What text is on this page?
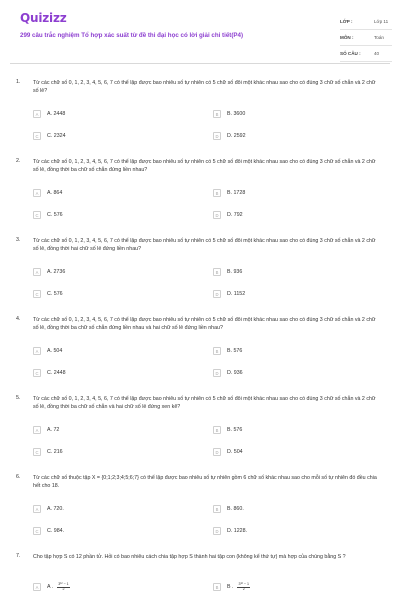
Quizizz
299 câu trắc nghiệm Tổ hợp xác suất từ đề thi đại học có lời giải chi tiết(P4)
LỚP :	Lớp 11
MÔN :	Toán
SỐ CÂU :	40
1. Từ các chữ số 0, 1, 2, 3, 4, 5, 6, 7 có thể lập được bao nhiêu số tự nhiên có 5 chữ số đôi một khác nhau sao cho có đúng 3 chữ số chẵn và 2 chữ số lẻ?
A	A. 2448	B	B. 3600
C	C. 2324	D	D. 2592
2. Từ các chữ số 0, 1, 2, 3, 4, 5, 6, 7 có thể lập được bao nhiêu số tự nhiên có 5 chữ số đôi một khác nhau sao cho có đúng 3 chữ số chẵn và 2 chữ số lẻ, đồng thời ba chữ số chẵn đứng liền nhau?
A	A. 864	B	B. 1728
C	C. 576	D	D. 792
3. Từ các chữ số 0, 1, 2, 3, 4, 5, 6, 7 có thể lập được bao nhiêu số tự nhiên có 5 chữ số đôi một khác nhau sao cho có đúng 3 chữ số chẵn và 2 chữ số lẻ, đồng thời hai chữ số lẻ đứng liền nhau?
A	A. 2736	B	B. 936
C	C. 576	D	D. 1152
4. Từ các chữ số 0, 1, 2, 3, 4, 5, 6, 7 có thể lập được bao nhiêu số tự nhiên có 5 chữ số đôi một khác nhau sao cho có đúng 3 chữ số chẵn và 2 chữ số lẻ, đồng thời ba chữ số chẵn đứng liền nhau và hai chữ số lẻ đứng liền nhau?
A	A. 504	B	B. 576
C	C. 2448	D	D. 936
5. Từ các chữ số 0, 1, 2, 3, 4, 5, 6, 7 có thể lập được bao nhiêu số tự nhiên có 5 chữ số đôi một khác nhau sao cho có đúng 3 chữ số chẵn và 2 chữ số lẻ, đồng thời ba chữ số chẵn và hai chữ số lẻ đứng xen kẽ?
A	A. 72	B	B. 576
C	C. 216	D	D. 504
6. Từ các chữ số thuộc tập X = {0;1;2;3;4;5;6;7} có thể lập được bao nhiêu số tự nhiên gồm 6 chữ số khác nhau sao cho mỗi số tự nhiên đó đều chia hết cho 18.
A	A. 720.	B	B. 860.
C	C. 984.	D	D. 1228.
7. Cho tập hợp S có 12 phần tử. Hỏi có bao nhiêu cách chia tập hợp S thành hai tập con (không kể thứ tự) mà hợp của chúng bằng S ?
A	A . $\frac{\text{3¹² − 1}}{2}$	B	B . $\frac{\text{3¹² − 1}}{2}$
